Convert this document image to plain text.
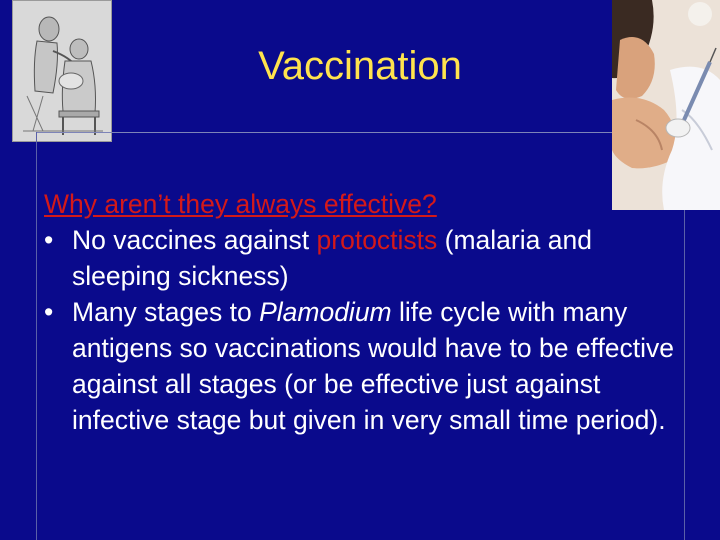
Vaccination
Why aren’t they always effective?
• No vaccines against protoctists (malaria and sleeping sickness)
• Many stages to Plamodium life cycle with many antigens so vaccinations would have to be effective against all stages (or be effective just against infective stage but given in very small time period).
